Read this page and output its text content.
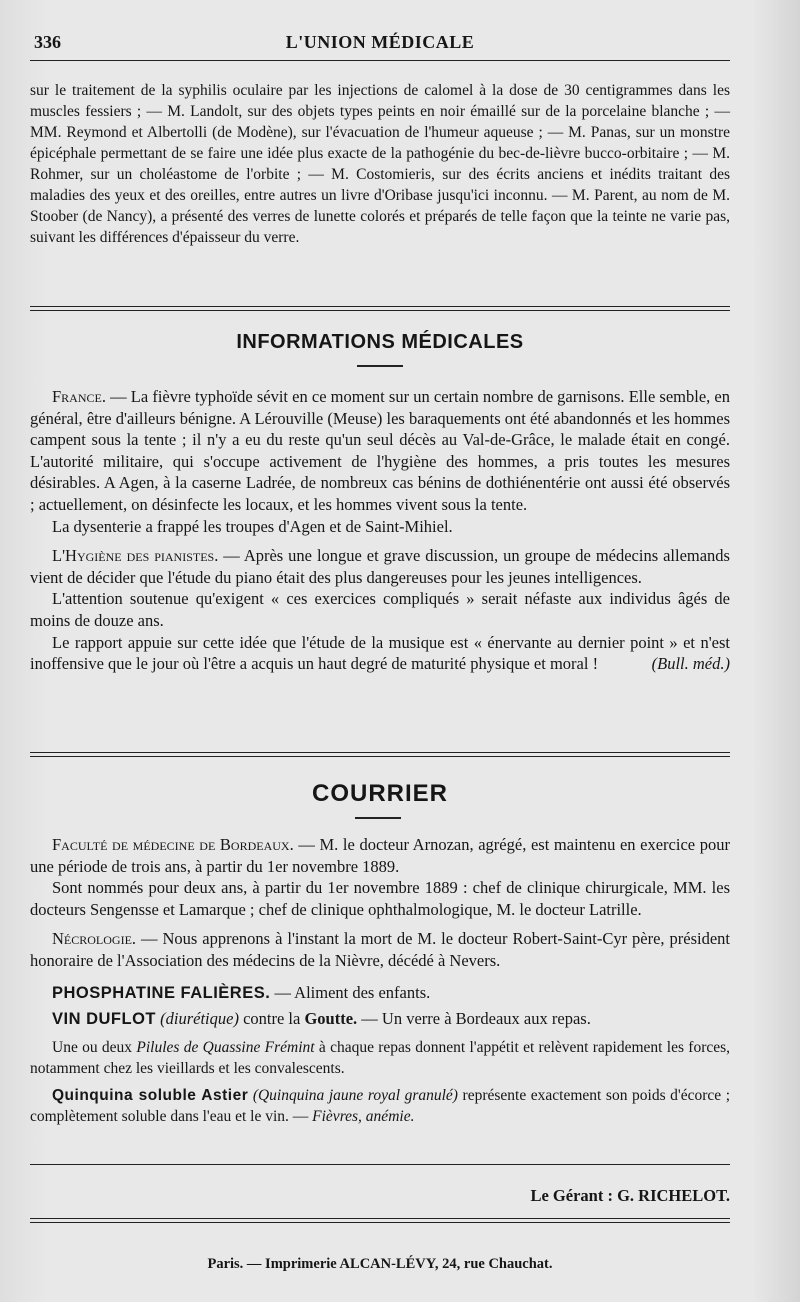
336	L'UNION MÉDICALE

sur le traitement de la syphilis oculaire par les injections de calomel à la dose de 30 centigrammes dans les muscles fessiers ; — M. Landolt, sur des objets types peints en noir émaillé sur de la porcelaine blanche ; — MM. Reymond et Albertolli (de Modène), sur l'évacuation de l'humeur aqueuse ; — M. Panas, sur un monstre épicéphale permettant de se faire une idée plus exacte de la pathogénie du bec-de-lièvre bucco-orbitaire ; — M. Rohmer, sur un choléastome de l'orbite ; — M. Costomieris, sur des écrits anciens et inédits traitant des maladies des yeux et des oreilles, entre autres un livre d'Oribase jusqu'ici inconnu. — M. Parent, au nom de M. Stoober (de Nancy), a présenté des verres de lunette colorés et préparés de telle façon que la teinte ne varie pas, suivant les différences d'épaisseur du verre.

INFORMATIONS MÉDICALES

France. — La fièvre typhoïde sévit en ce moment sur un certain nombre de garnisons. Elle semble, en général, être d'ailleurs bénigne. A Lérouville (Meuse) les baraquements ont été abandonnés et les hommes campent sous la tente ; il n'y a eu du reste qu'un seul décès au Val-de-Grâce, le malade était en congé. L'autorité militaire, qui s'occupe activement de l'hygiène des hommes, a pris toutes les mesures désirables. A Agen, à la caserne Ladrée, de nombreux cas bénins de dothiénentérie ont aussi été observés ; actuellement, on désinfecte les locaux, et les hommes vivent sous la tente.

La dysenterie a frappé les troupes d'Agen et de Saint-Mihiel.

L'Hygiène des pianistes. — Après une longue et grave discussion, un groupe de médecins allemands vient de décider que l'étude du piano était des plus dangereuses pour les jeunes intelligences.

L'attention soutenue qu'exigent « ces exercices compliqués » serait néfaste aux individus âgés de moins de douze ans.

Le rapport appuie sur cette idée que l'étude de la musique est « énervante au dernier point » et n'est inoffensive que le jour où l'être a acquis un haut degré de maturité physique et moral !	(Bull. méd.)

COURRIER

Faculté de médecine de Bordeaux. — M. le docteur Arnozan, agrégé, est maintenu en exercice pour une période de trois ans, à partir du 1er novembre 1889.

Sont nommés pour deux ans, à partir du 1er novembre 1889 : chef de clinique chirurgicale, MM. les docteurs Sengensse et Lamarque ; chef de clinique ophthalmologique, M. le docteur Latrille.

Nécrologie. — Nous apprenons à l'instant la mort de M. le docteur Robert-Saint-Cyr père, président honoraire de l'Association des médecins de la Nièvre, décédé à Nevers.

PHOSPHATINE FALIÈRES. — Aliment des enfants.

VIN DUFLOT (diurétique) contre la Goutte. — Un verre à Bordeaux aux repas.

Une ou deux Pilules de Quassine Frémint à chaque repas donnent l'appétit et relèvent rapidement les forces, notamment chez les vieillards et les convalescents.

Quinquina soluble Astier (Quinquina jaune royal granulé) représente exactement son poids d'écorce ; complètement soluble dans l'eau et le vin. — Fièvres, anémie.

Le Gérant : G. RICHELOT.
Paris. — Imprimerie ALCAN-LÉVY, 24, rue Chauchat.
